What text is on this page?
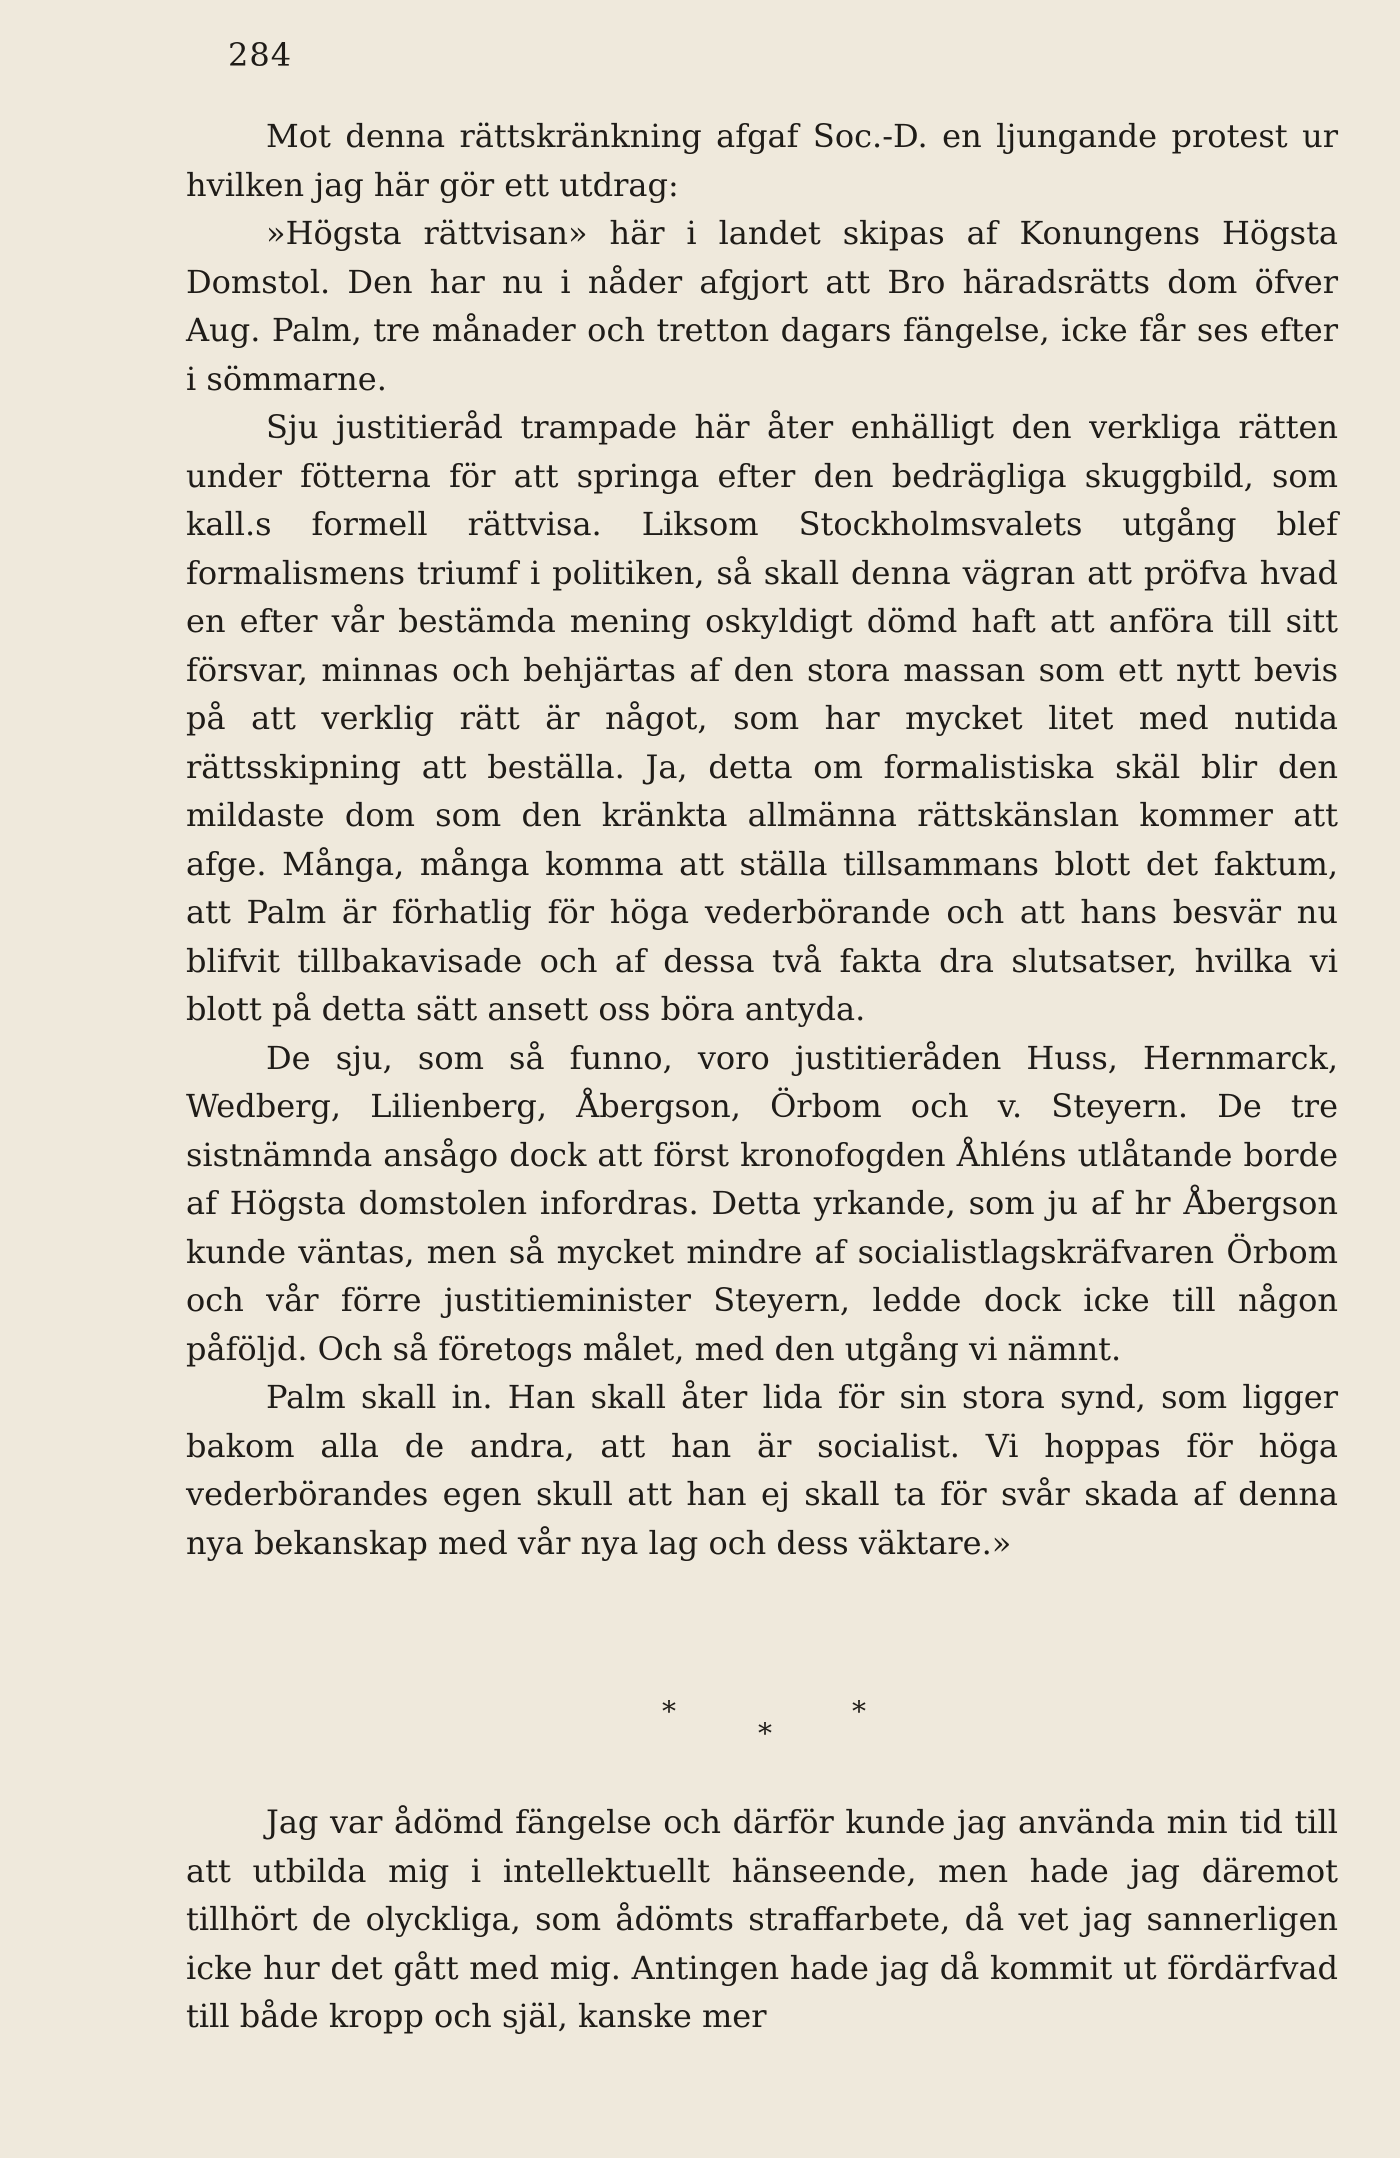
284

Mot denna rättskränkning afgaf Soc.-D. en ljungande protest ur hvilken jag här gör ett utdrag:

»Högsta rättvisan» här i landet skipas af Konungens Högsta Domstol. Den har nu i nåder afgjort att Bro häradsrätts dom öfver Aug. Palm, tre månader och tretton dagars fängelse, icke får ses efter i sömmarne.

Sju justitieråd trampade här åter enhälligt den verkliga rätten under fötterna för att springa efter den bedrägliga skuggbild, som kall.s formell rättvisa. Liksom Stockholmsvalets utgång blef formalismens triumf i politiken, så skall denna vägran att pröfva hvad en efter vår bestämda mening oskyldigt dömd haft att anföra till sitt försvar, minnas och behjärtas af den stora massan som ett nytt bevis på att verklig rätt är något, som har mycket litet med nutida rättsskipning att beställa. Ja, detta om formalistiska skäl blir den mildaste dom som den kränkta allmänna rättskänslan kommer att afge. Många, många komma att ställa tillsammans blott det faktum, att Palm är förhatlig för höga vederbörande och att hans besvär nu blifvit tillbakavisade och af dessa två fakta dra slutsatser, hvilka vi blott på detta sätt ansett oss böra antyda.

De sju, som så funno, voro justitieråden Huss, Hernmarck, Wedberg, Lilienberg, Åbergson, Örbom och v. Steyern. De tre sistnämnda ansågo dock att först kronofogden Åhléns utlåtande borde af Högsta domstolen infordras. Detta yrkande, som ju af hr Åbergson kunde väntas, men så mycket mindre af socialistlagskräfvaren Örbom och vår förre justitieminister Steyern, ledde dock icke till någon påföljd. Och så företogs målet, med den utgång vi nämnt.

Palm skall in. Han skall åter lida för sin stora synd, som ligger bakom alla de andra, att han är socialist. Vi hoppas för höga vederbörandes egen skull att han ej skall ta för svår skada af denna nya bekanskap med vår nya lag och dess väktare.»

*	*
*

Jag var ådömd fängelse och därför kunde jag använda min tid till att utbilda mig i intellektuellt hänseende, men hade jag däremot tillhört de olyckliga, som ådömts straffarbete, då vet jag sannerligen icke hur det gått med mig. Antingen hade jag då kommit ut fördärfvad till både kropp och själ, kanske mer
